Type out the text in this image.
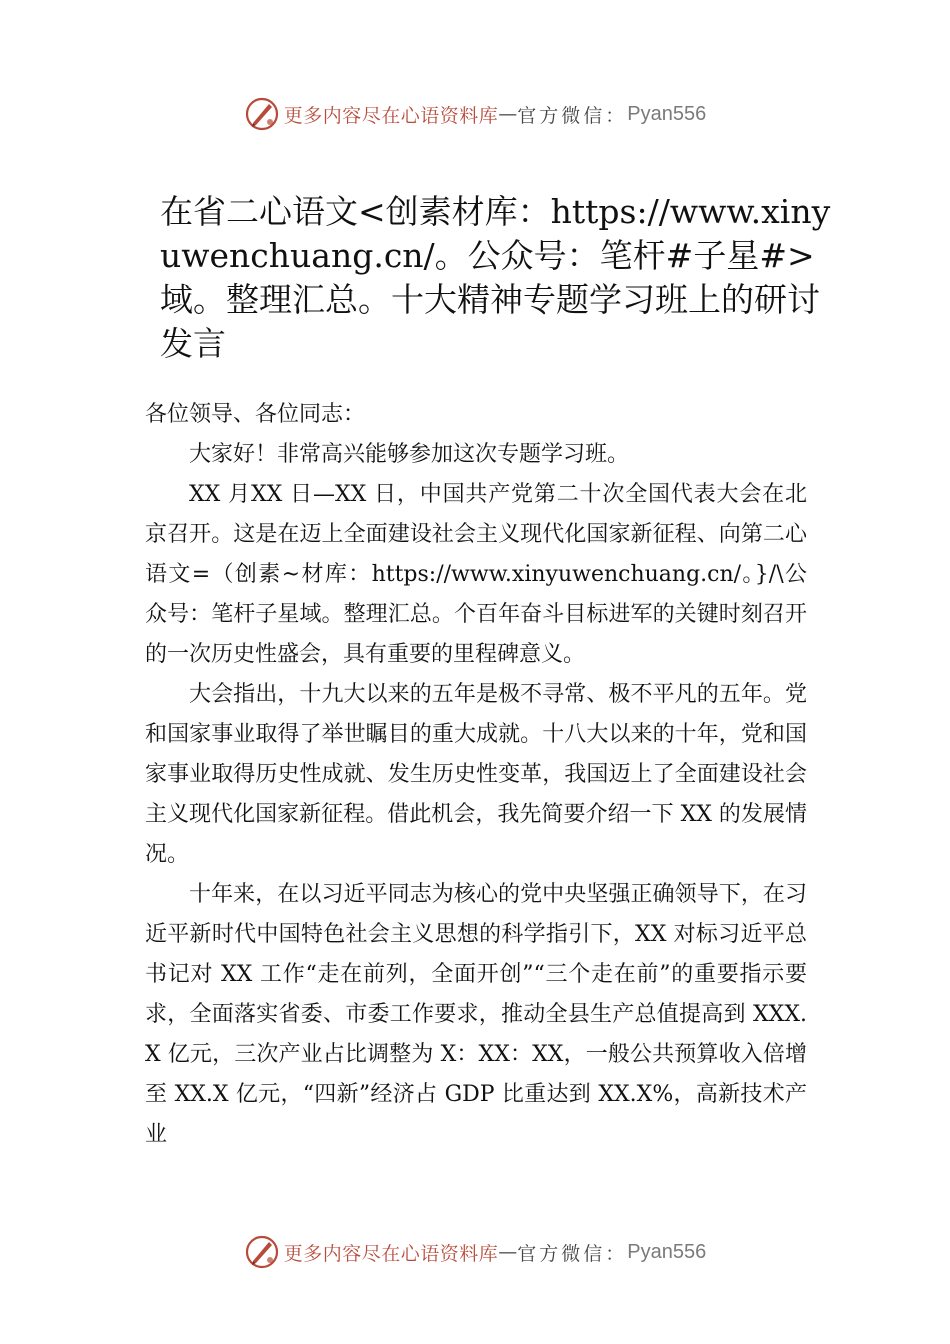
更多内容尽在心语资料库 — 官方微信： Pyan556
在省二心语文<创素材库：https://www.xinyuwenchuang.cn/。公众号：笔杆#子星#>域。整理汇总。十大精神专题学习班上的研讨发言

各位领导、各位同志：

大家好！非常高兴能够参加这次专题学习班。

XX 月XX 日—XX 日，中国共产党第二十次全国代表大会在北京召开。这是在迈上全面建设社会主义现代化国家新征程、向第二心语文=（创素~材库：https://www.xinyuwenchuang.cn/。}/\公众号：笔杆子星域。整理汇总。个百年奋斗目标进军的关键时刻召开的一次历史性盛会，具有重要的里程碑意义。

大会指出，十九大以来的五年是极不寻常、极不平凡的五年。党和国家事业取得了举世瞩目的重大成就。十八大以来的十年，党和国家事业取得历史性成就、发生历史性变革，我国迈上了全面建设社会主义现代化国家新征程。借此机会，我先简要介绍一下 XX 的发展情况。

十年来，在以习近平同志为核心的党中央坚强正确领导下，在习近平新时代中国特色社会主义思想的科学指引下，XX 对标习近平总书记对 XX 工作“走在前列，全面开创”“三个走在前”的重要指示要求，全面落实省委、市委工作要求，推动全县生产总值提高到 XXX.X 亿元，三次产业占比调整为 X：XX：XX，一般公共预算收入倍增至 XX.X 亿元，“四新”经济占 GDP 比重达到 XX.X%，高新技术产业

更多内容尽在心语资料库 — 官方微信： Pyan556
